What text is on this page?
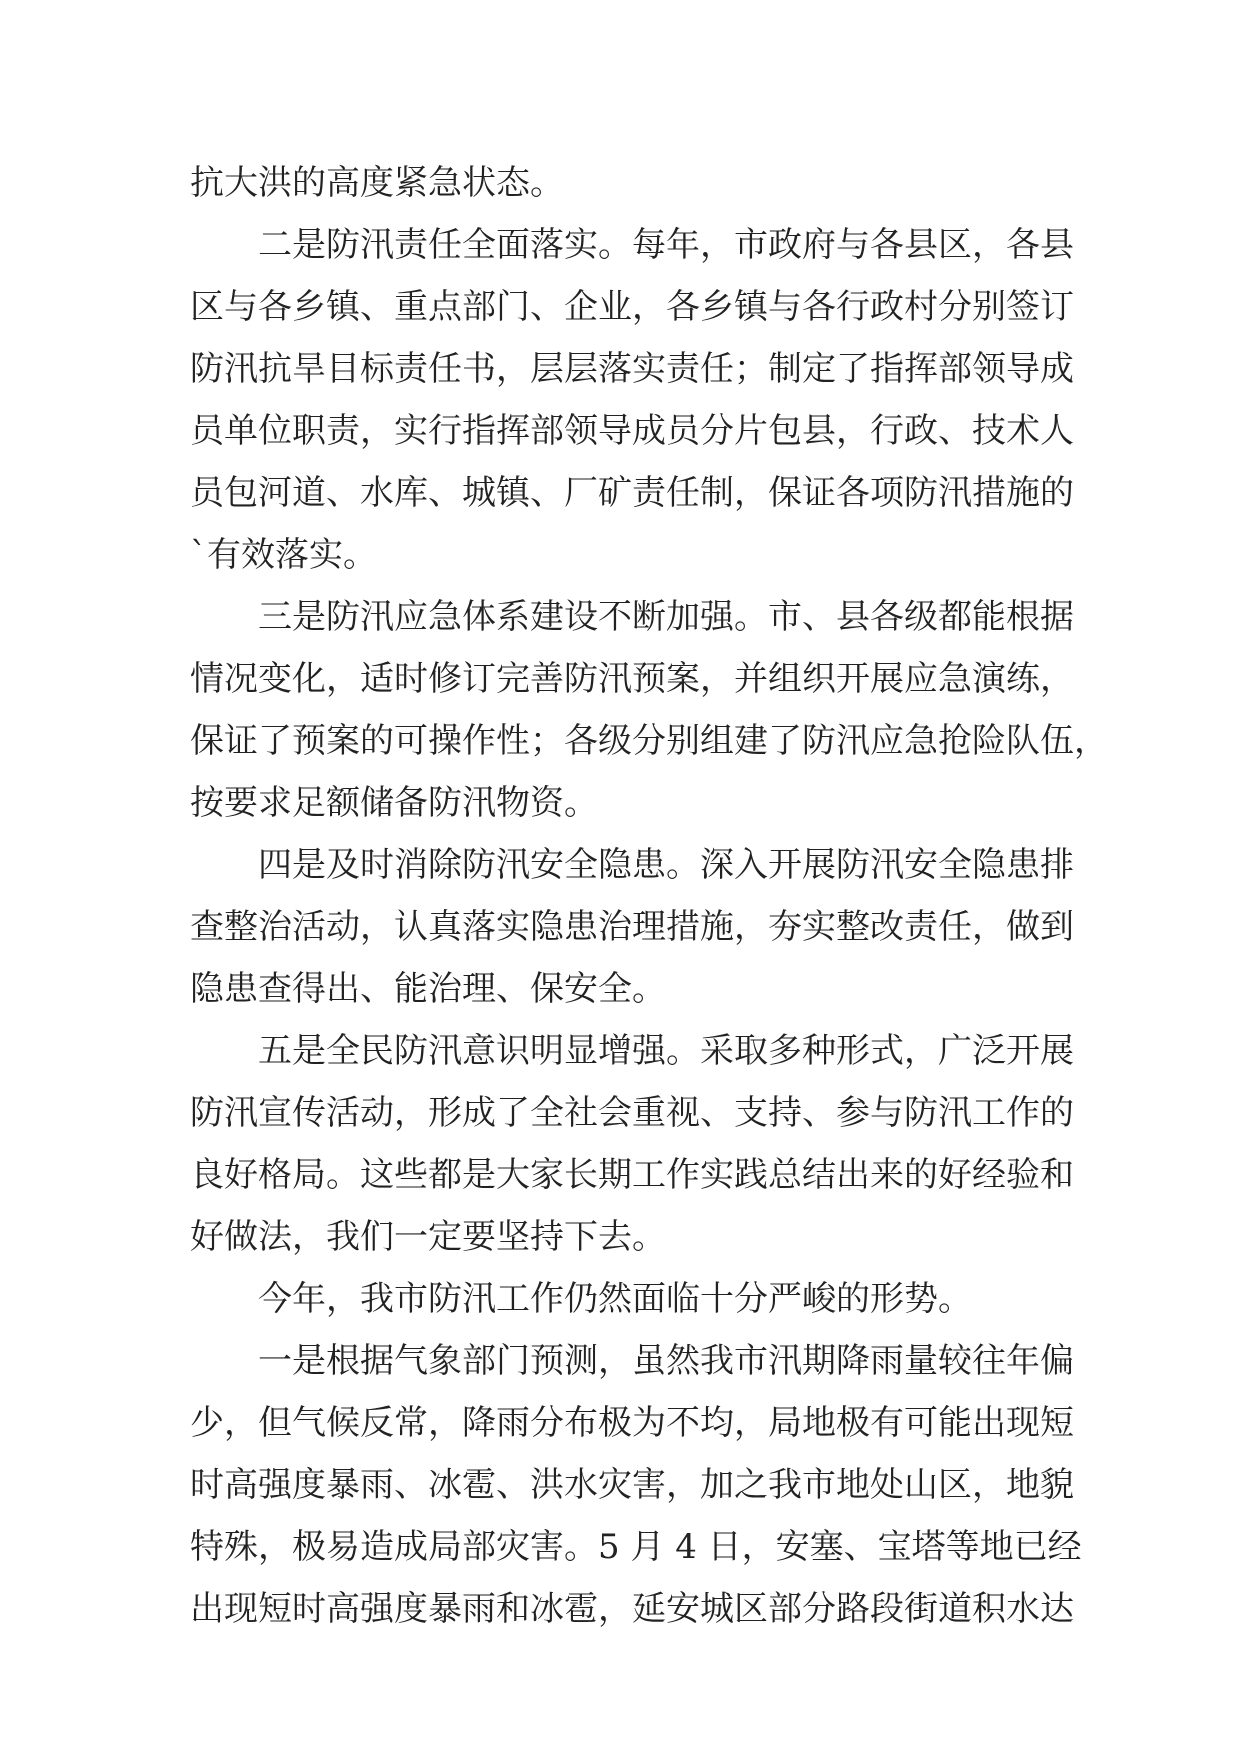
抗大洪的高度紧急状态。
二是防汛责任全面落实。每年，市政府与各县区，各县
区与各乡镇、重点部门、企业，各乡镇与各行政村分别签订
防汛抗旱目标责任书，层层落实责任；制定了指挥部领导成
员单位职责，实行指挥部领导成员分片包县，行政、技术人
员包河道、水库、城镇、厂矿责任制，保证各项防汛措施的
`有效落实。
三是防汛应急体系建设不断加强。市、县各级都能根据
情况变化，适时修订完善防汛预案，并组织开展应急演练，
保证了预案的可操作性；各级分别组建了防汛应急抢险队伍，
按要求足额储备防汛物资。
四是及时消除防汛安全隐患。深入开展防汛安全隐患排
查整治活动，认真落实隐患治理措施，夯实整改责任，做到
隐患查得出、能治理、保安全。
五是全民防汛意识明显增强。采取多种形式，广泛开展
防汛宣传活动，形成了全社会重视、支持、参与防汛工作的
良好格局。这些都是大家长期工作实践总结出来的好经验和
好做法，我们一定要坚持下去。
今年，我市防汛工作仍然面临十分严峻的形势。
一是根据气象部门预测，虽然我市汛期降雨量较往年偏
少，但气候反常，降雨分布极为不均，局地极有可能出现短
时高强度暴雨、冰雹、洪水灾害，加之我市地处山区，地貌
特殊，极易造成局部灾害。5 月 4 日，安塞、宝塔等地已经
出现短时高强度暴雨和冰雹，延安城区部分路段街道积水达
